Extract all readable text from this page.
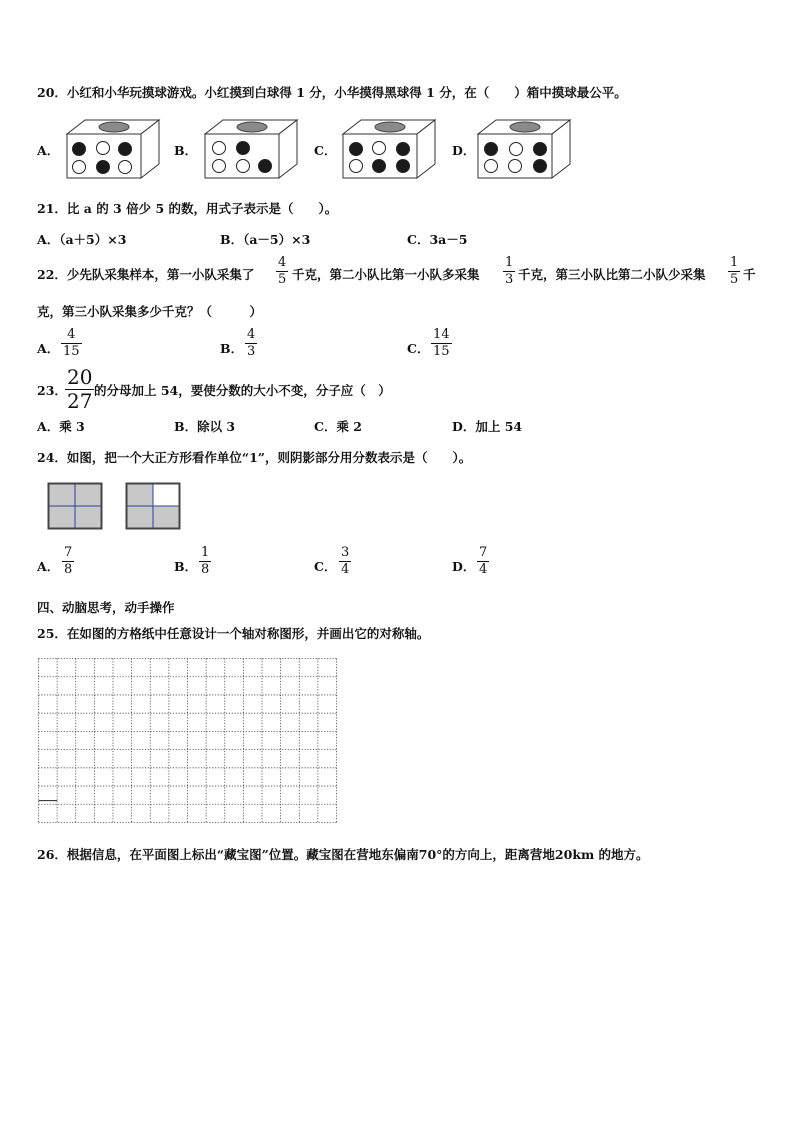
20．小红和小华玩摸球游戏。小红摸到白球得 1 分，小华摸得黑球得 1 分，在（　　）箱中摸球最公平。
A．	B．	C．	D．
21．比 a 的 3 倍少 5 的数，用式子表示是（　　）。
A．（a＋5）×3	B．（a－5）×3	C．3a－5
22．少先队采集样本，第一小队采集了
4
5 千克，第二小队比第一小队多采集
1
3 千克，第三小队比第二小队少采集
1
5 千
克，第三小队采集多少千克？（　　　）
A．
4
15	B．
4
3	C．
14
15
23．
20
27 的分母加上 54，要使分数的大小不变，分子应（　）
A．乘 3	B．除以 3	C．乘 2	D．加上 54
24．如图，把一个大正方形看作单位“1”，则阴影部分用分数表示是（　　）。
A．
7
8	B．
1
8	C．
3
4	D．
7
4
四、动脑思考，动手操作
25．在如图的方格纸中任意设计一个轴对称图形，并画出它的对称轴。
26．根据信息，在平面图上标出“藏宝图”位置。藏宝图在营地东偏南70°的方向上，距离营地20km 的地方。
